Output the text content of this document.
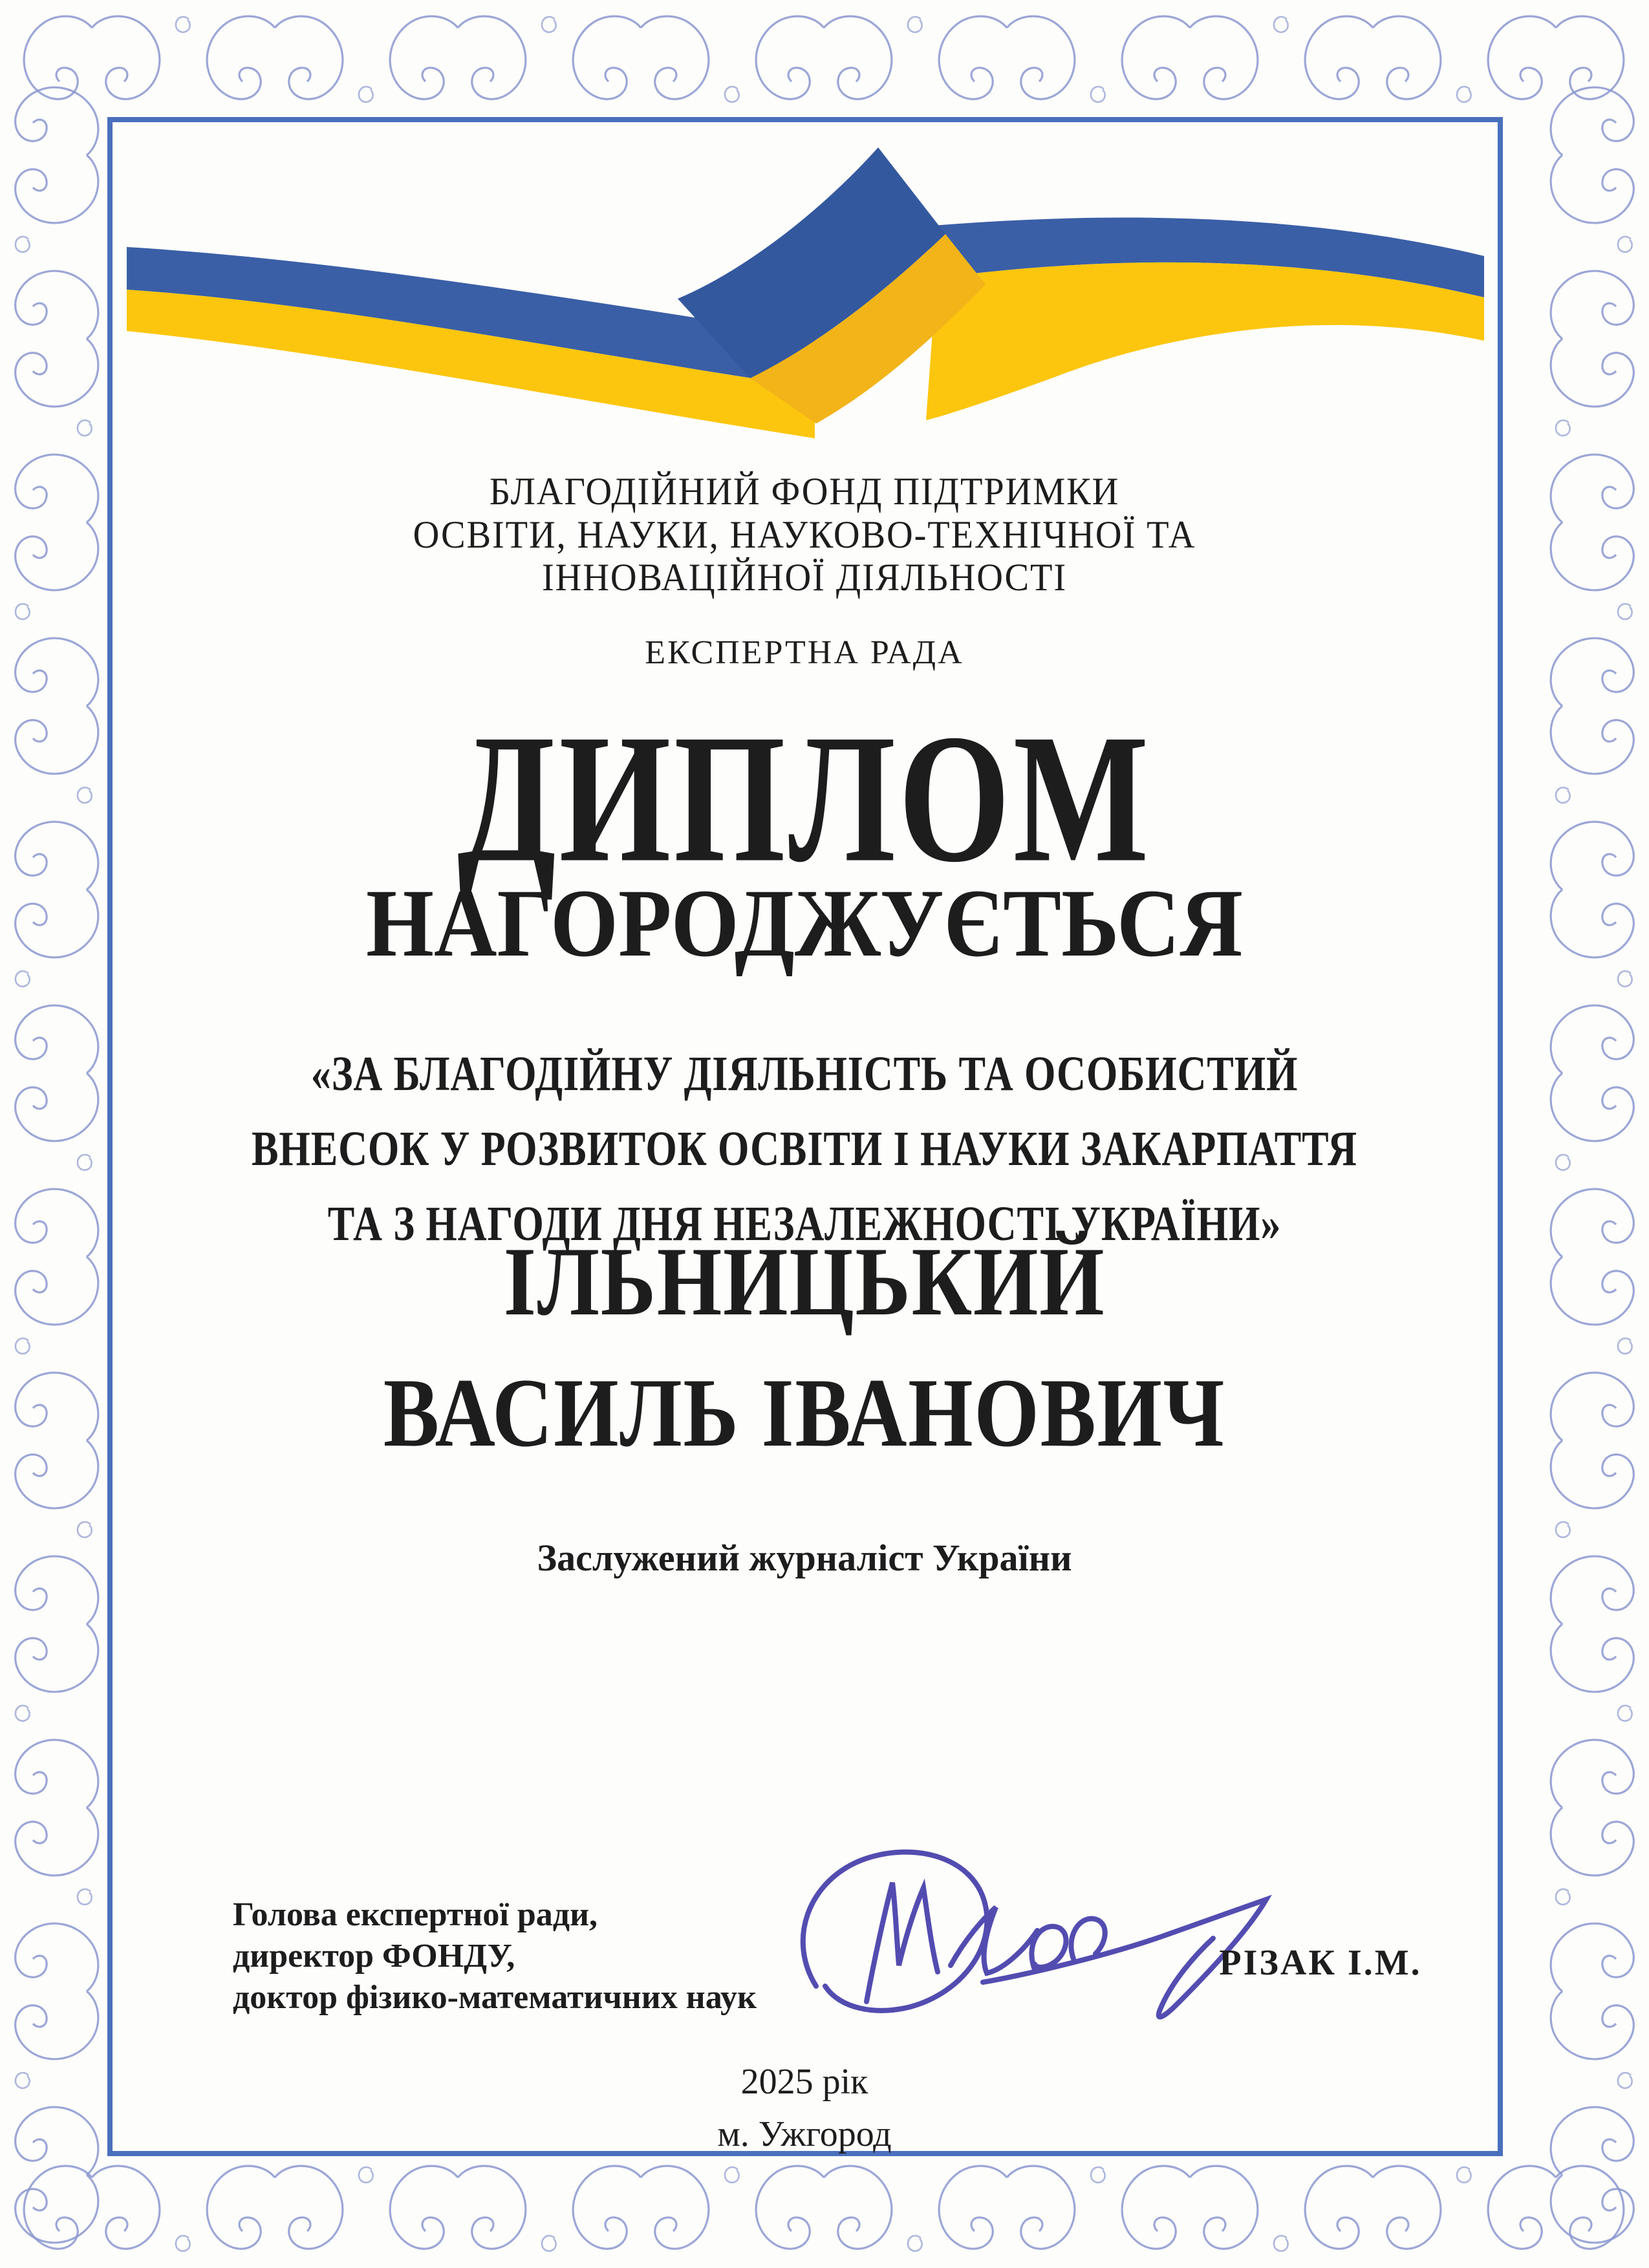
БЛАГОДІЙНИЙ ФОНД ПІДТРИМКИ
ОСВІТИ, НАУКИ, НАУКОВО-ТЕХНІЧНОЇ ТА
ІННОВАЦІЙНОЇ ДІЯЛЬНОСТІ
ЕКСПЕРТНА РАДА
ДИПЛОМ
НАГОРОДЖУЄТЬСЯ
«ЗА БЛАГОДІЙНУ ДІЯЛЬНІСТЬ ТА ОСОБИСТИЙ
ВНЕСОК У РОЗВИТОК ОСВІТИ І НАУКИ ЗАКАРПАТТЯ
ТА З НАГОДИ ДНЯ НЕЗАЛЕЖНОСТІ УКРАЇНИ»
ІЛЬНИЦЬКИЙ
ВАСИЛЬ ІВАНОВИЧ
Заслужений журналіст України
Голова експертної ради,
директор ФОНДУ,
доктор фізико-математичних наук
РІЗАК І.М.
2025 рік
м. Ужгород
